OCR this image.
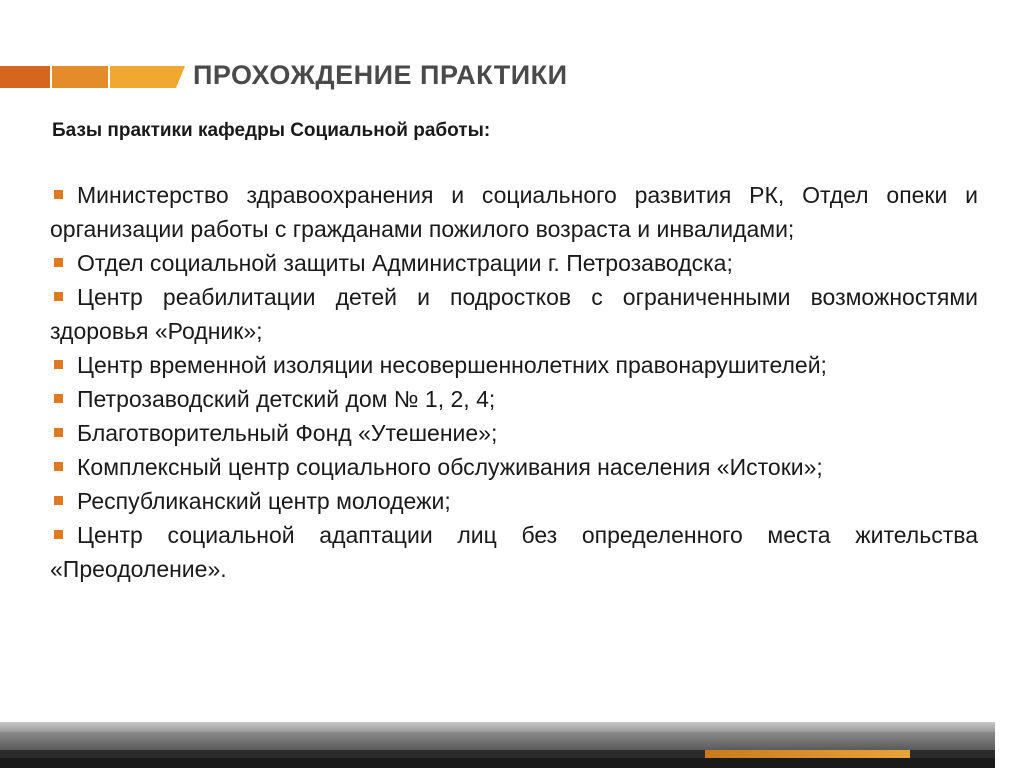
ПРОХОЖДЕНИЕ ПРАКТИКИ
Базы практики кафедры Социальной работы:
Министерство здравоохранения и социального развития РК, Отдел опеки и организации работы с гражданами пожилого возраста и инвалидами;
Отдел социальной защиты Администрации г. Петрозаводска;
Центр реабилитации детей и подростков с ограниченными возможностями здоровья «Родник»;
Центр временной изоляции несовершеннолетних правонарушителей;
Петрозаводский детский дом № 1, 2, 4;
Благотворительный Фонд «Утешение»;
Комплексный центр социального обслуживания населения «Истоки»;
Республиканский центр молодежи;
Центр социальной адаптации лиц без определенного места жительства «Преодоление».
